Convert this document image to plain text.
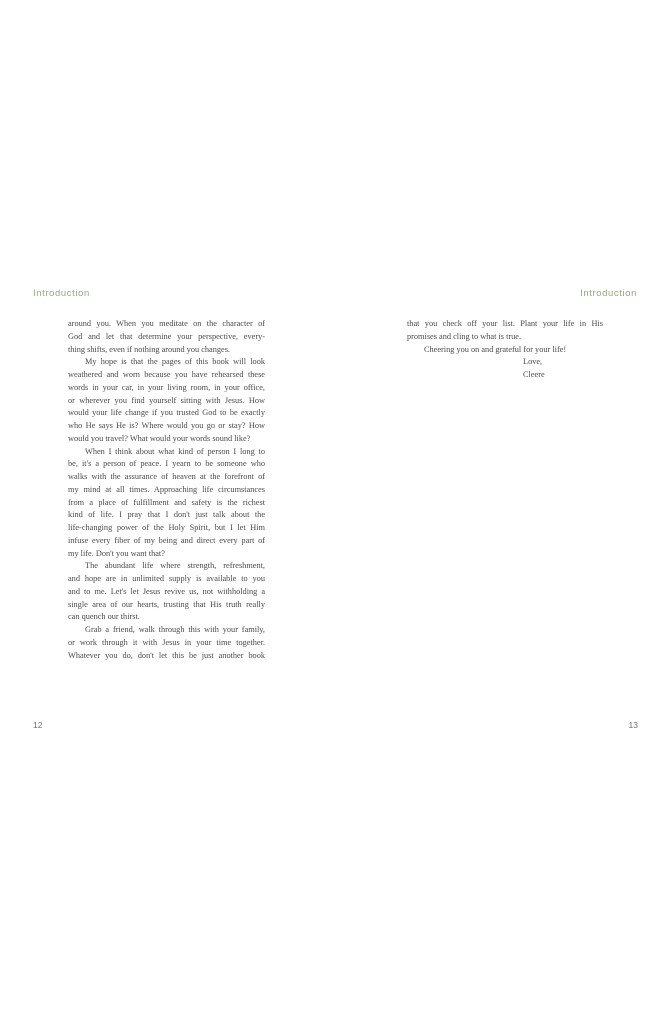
Introduction	Introduction
around you. When you meditate on the character of
God and let that determine your perspective, every-
thing shifts, even if nothing around you changes.
My hope is that the pages of this book will look
weathered and worn because you have rehearsed these
words in your car, in your living room, in your office,
or wherever you find yourself sitting with Jesus. How
would your life change if you trusted God to be exactly
who He says He is? Where would you go or stay? How
would you travel? What would your words sound like?
When I think about what kind of person I long to
be, it's a person of peace. I yearn to be someone who
walks with the assurance of heaven at the forefront of
my mind at all times. Approaching life circumstances
from a place of fulfillment and safety is the richest
kind of life. I pray that I don't just talk about the
life-changing power of the Holy Spirit, but I let Him
infuse every fiber of my being and direct every part of
my life. Don't you want that?
The abundant life where strength, refreshment,
and hope are in unlimited supply is available to you
and to me. Let's let Jesus revive us, not withholding a
single area of our hearts, trusting that His truth really
can quench our thirst.
Grab a friend, walk through this with your family,
or work through it with Jesus in your time together.
Whatever you do, don't let this be just another book
that you check off your list. Plant your life in His
promises and cling to what is true.
Cheering you on and grateful for your life!
Love,
Cleere
12	13
